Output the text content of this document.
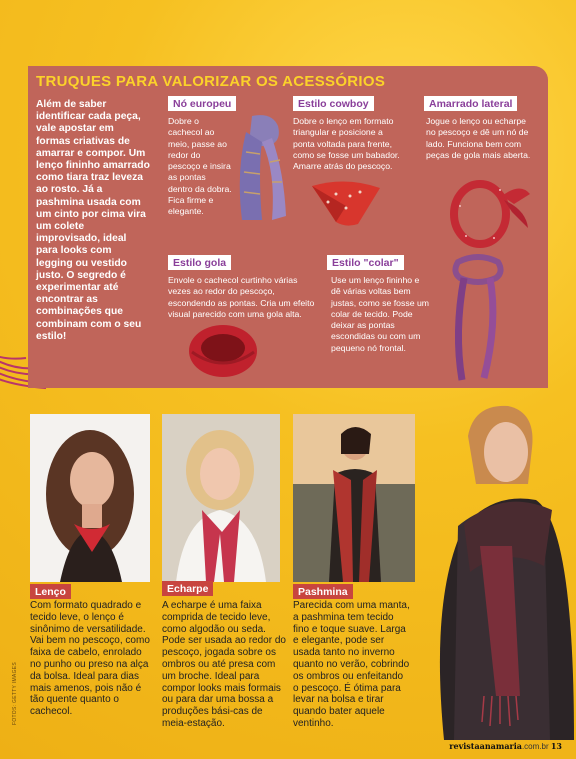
TRUQUES PARA VALORIZAR OS ACESSÓRIOS
Além de saber identificar cada peça, vale apostar em formas criativas de amarrar e compor. Um lenço fininho amarrado como tiara traz leveza ao rosto. Já a pashmina usada com um cinto por cima vira um colete improvisado, ideal para looks com legging ou vestido justo. O segredo é experimentar até encontrar as combinações que combinam com o seu estilo!
Nó europeu
Dobre o cachecol ao meio, passe ao redor do pescoço e insira as pontas dentro da dobra. Fica firme e elegante.
Estilo cowboy
Dobre o lenço em formato triangular e posicione a ponta voltada para frente, como se fosse um babador. Amarre atrás do pescoço.
Amarrado lateral
Jogue o lenço ou echarpe no pescoço e dê um nó de lado. Funciona bem com peças de gola mais aberta.
Estilo gola
Envole o cachecol curtinho várias vezes ao redor do pescoço, escondendo as pontas. Cria um efeito visual parecido com uma gola alta.
Estilo "colar"
Use um lenço fininho e dê várias voltas bem justas, como se fosse um colar de tecido. Pode deixar as pontas escondidas ou com um pequeno nó frontal.
Lenço
Com formato quadrado e tecido leve, o lenço é sinônimo de versatilidade. Vai bem no pescoço, como faixa de cabelo, enrolado no punho ou preso na alça da bolsa. Ideal para dias mais amenos, pois não é tão quente quanto o cachecol.
Echarpe
A echarpe é uma faixa comprida de tecido leve, como algodão ou seda. Pode ser usada ao redor do pescoço, jogada sobre os ombros ou até presa com um broche. Ideal para compor looks mais formais ou para dar uma bossa a produções bási-cas de meia-estação.
Pashmina
Parecida com uma manta, a pashmina tem tecido fino e toque suave. Larga e elegante, pode ser usada tanto no inverno quanto no verão, cobrindo os ombros ou enfeitando o pescoço. É ótima para levar na bolsa e tirar quando bater aquele ventinho.
FOTOS: GETTY IMAGES
revistaanamaria.com.br 13
